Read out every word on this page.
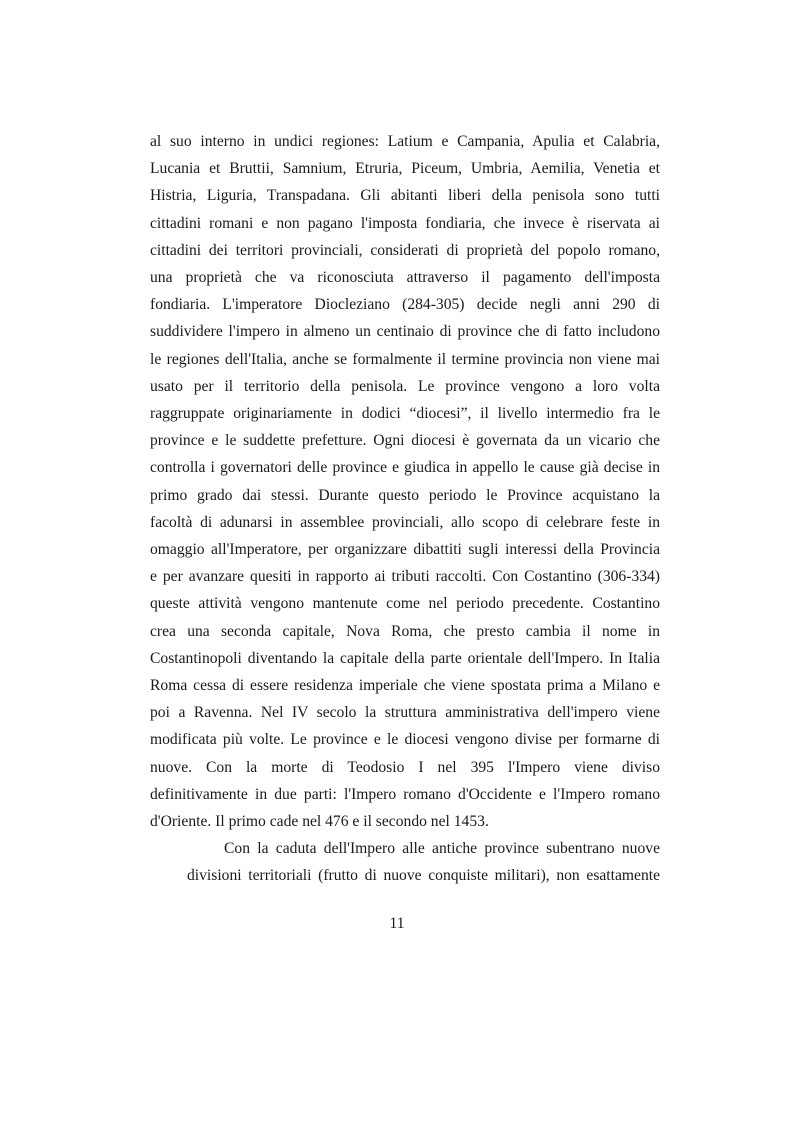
al suo interno in undici regiones: Latium e Campania, Apulia et Calabria,
Lucania et Bruttii, Samnium, Etruria, Piceum, Umbria, Aemilia, Venetia et
Histria, Liguria, Transpadana. Gli abitanti liberi della penisola sono tutti
cittadini romani e non pagano l'imposta fondiaria, che invece è riservata ai
cittadini dei territori provinciali, considerati di proprietà del popolo romano,
una proprietà che va riconosciuta attraverso il pagamento dell'imposta
fondiaria. L'imperatore Diocleziano (284-305) decide negli anni 290 di
suddividere l'impero in almeno un centinaio di province che di fatto includono
le regiones dell'Italia, anche se formalmente il termine provincia non viene mai
usato per il territorio della penisola. Le province vengono a loro volta
raggruppate originariamente in dodici “diocesi”, il livello intermedio fra le
province e le suddette prefetture. Ogni diocesi è governata da un vicario che
controlla i governatori delle province e giudica in appello le cause già decise in
primo grado dai stessi. Durante questo periodo le Province acquistano la
facoltà di adunarsi in assemblee provinciali, allo scopo di celebrare feste in
omaggio all'Imperatore, per organizzare dibattiti sugli interessi della Provincia
e per avanzare quesiti in rapporto ai tributi raccolti. Con Costantino (306-334)
queste attività vengono mantenute come nel periodo precedente. Costantino
crea una seconda capitale, Nova Roma, che presto cambia il nome in
Costantinopoli diventando la capitale della parte orientale dell'Impero. In Italia
Roma cessa di essere residenza imperiale che viene spostata prima a Milano e
poi a Ravenna. Nel IV secolo la struttura amministrativa dell'impero viene
modificata più volte. Le province e le diocesi vengono divise per formarne di
nuove. Con la morte di Teodosio I nel 395 l'Impero viene diviso
definitivamente in due parti: l'Impero romano d'Occidente e l'Impero romano
d'Oriente. Il primo cade nel 476 e il secondo nel 1453.

Con la caduta dell'Impero alle antiche province subentrano nuove
divisioni territoriali (frutto di nuove conquiste militari), non esattamente

11
